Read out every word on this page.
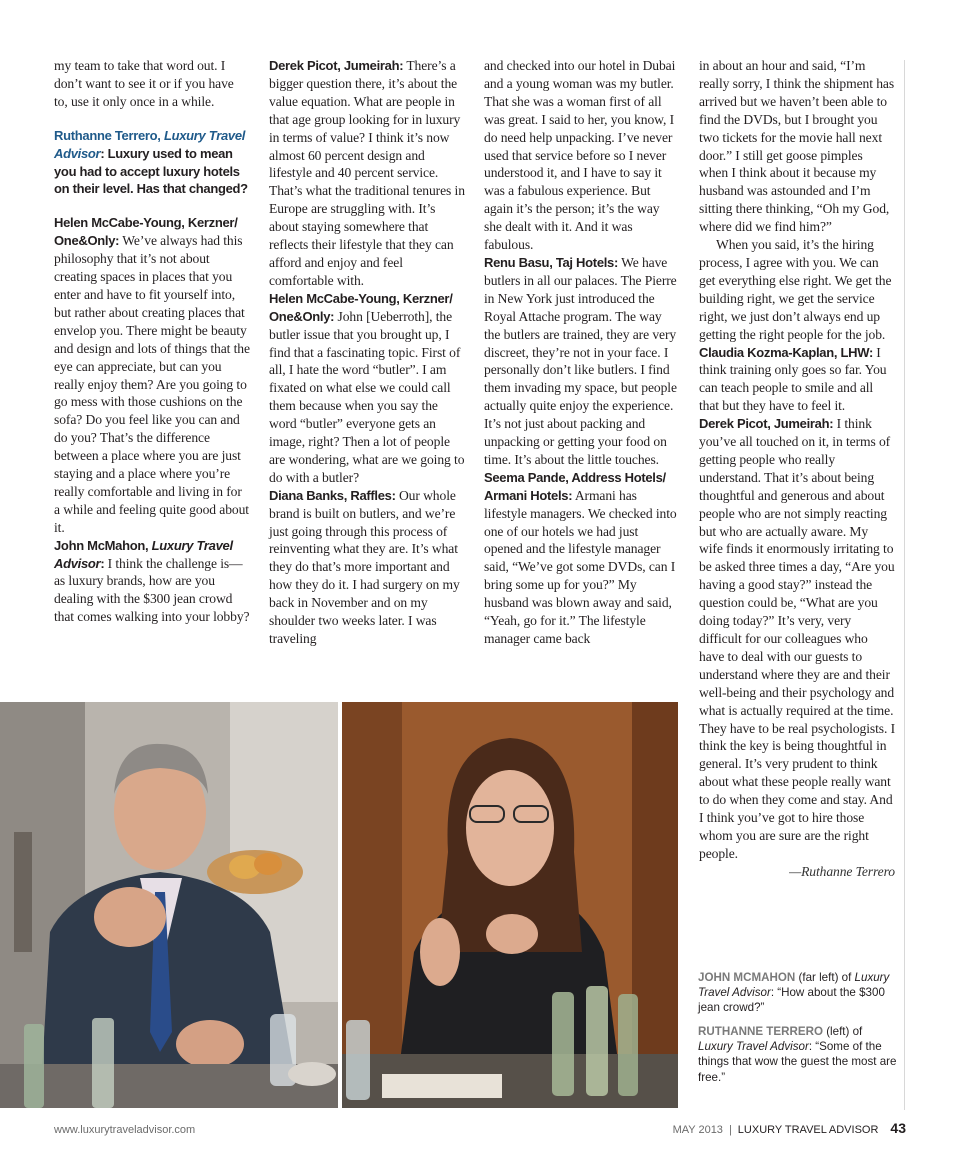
my team to take that word out. I don’t want to see it or if you have to, use it only once in a while.

Ruthanne Terrero, Luxury Travel Advisor: Luxury used to mean you had to accept luxury hotels on their level. Has that changed?

Helen McCabe-Young, Kerzner/ One&Only: We’ve always had this philosophy that it’s not about creating spaces in places that you enter and have to fit yourself into, but rather about creating places that envelop you. There might be beauty and design and lots of things that the eye can appreciate, but can you really enjoy them? Are you going to go mess with those cushions on the sofa? Do you feel like you can and do you? That’s the difference between a place where you are just staying and a place where you’re really comfortable and living in for a while and feeling quite good about it.

John McMahon, Luxury Travel Advisor: I think the challenge is—as luxury brands, how are you dealing with the $300 jean crowd that comes walking into your lobby?

Derek Picot, Jumeirah: There’s a bigger question there, it’s about the value equation. What are people in that age group looking for in luxury in terms of value? I think it’s now almost 60 percent design and lifestyle and 40 percent service. That’s what the traditional tenures in Europe are struggling with. It’s about staying somewhere that reflects their lifestyle that they can afford and enjoy and feel comfortable with.

Helen McCabe-Young, Kerzner/ One&Only: John [Ueberroth], the butler issue that you brought up, I find that a fascinating topic. First of all, I hate the word “butler”. I am fixated on what else we could call them because when you say the word “butler” everyone gets an image, right? Then a lot of people are wondering, what are we going to do with a butler?

Diana Banks, Raffles: Our whole brand is built on butlers, and we’re just going through this process of reinventing what they are. It’s what they do that’s more important and how they do it. I had surgery on my back in November and on my shoulder two weeks later. I was traveling

and checked into our hotel in Dubai and a young woman was my butler. That she was a woman first of all was great. I said to her, you know, I do need help unpacking. I’ve never used that service before so I never understood it, and I have to say it was a fabulous experience. But again it’s the person; it’s the way she dealt with it. And it was fabulous.

Renu Basu, Taj Hotels: We have butlers in all our palaces. The Pierre in New York just introduced the Royal Attache program. The way the butlers are trained, they are very discreet, they’re not in your face. I personally don’t like butlers. I find them invading my space, but people actually quite enjoy the experience. It’s not just about packing and unpacking or getting your food on time. It’s about the little touches.

Seema Pande, Address Hotels/ Armani Hotels: Armani has lifestyle managers. We checked into one of our hotels we had just opened and the lifestyle manager said, “We’ve got some DVDs, can I bring some up for you?” My husband was blown away and said, “Yeah, go for it.” The lifestyle manager came back

in about an hour and said, “I’m really sorry, I think the shipment has arrived but we haven’t been able to find the DVDs, but I brought you two tickets for the movie hall next door.” I still get goose pimples when I think about it because my husband was astounded and I’m sitting there thinking, “Oh my God, where did we find him?”

When you said, it’s the hiring process, I agree with you. We can get everything else right. We get the building right, we get the service right, we just don’t always end up getting the right people for the job.

Claudia Kozma-Kaplan, LHW: I think training only goes so far. You can teach people to smile and all that but they have to feel it.

Derek Picot, Jumeirah: I think you’ve all touched on it, in terms of getting people who really understand. That it’s about being thoughtful and generous and about people who are not simply reacting but who are actually aware. My wife finds it enormously irritating to be asked three times a day, “Are you having a good stay?” instead the question could be, “What are you doing today?” It’s very, very difficult for our colleagues who have to deal with our guests to understand where they are and their well-being and their psychology and what is actually required at the time. They have to be real psychologists. I think the key is being thoughtful in general. It’s very prudent to think about what these people really want to do when they come and stay. And I think you’ve got to hire those whom you are sure are the right people.

—Ruthanne Terrero

JOHN MCMAHON (far left) of Luxury Travel Advisor: “How about the $300 jean crowd?”
RUTHANNE TERRERO (left) of Luxury Travel Advisor: “Some of the things that wow the guest the most are free.”
www.luxurytraveladvisor.com	MAY 2013 | LUXURY TRAVEL ADVISOR 43
